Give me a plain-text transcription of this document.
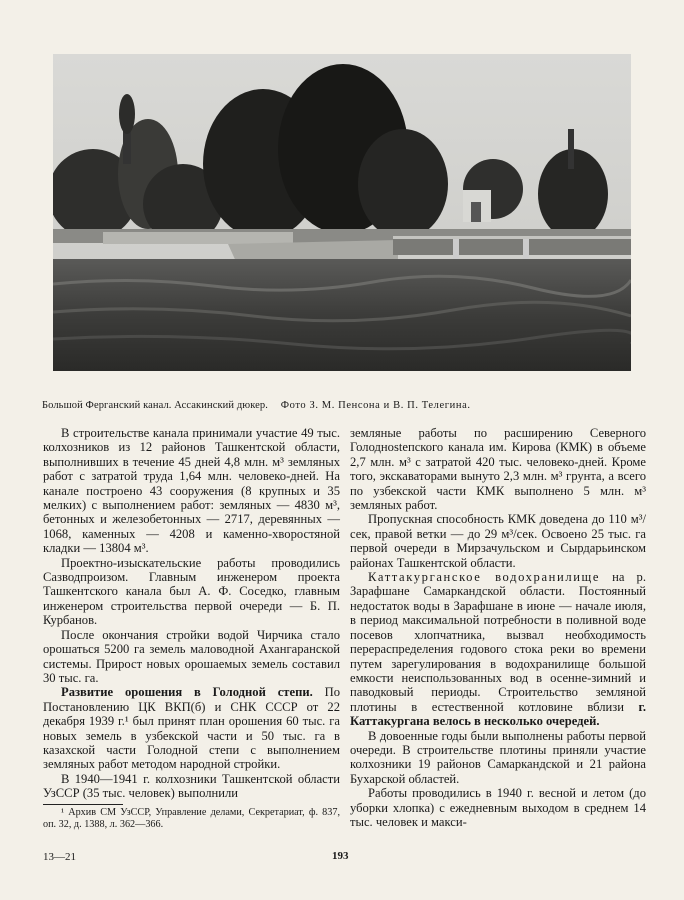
Большой Ферганский канал. Ассакинский дюкер. Фото З. М. Пенсона и В. П. Телегина.

В строительстве канала принимали участие 49 тыс. колхозников из 12 районов Ташкентской области, выполнивших в течение 45 дней 4,8 млн. м³ земляных работ с затратой труда 1,64 млн. человеко-дней. На канале построено 43 сооружения (8 крупных и 35 мелких) с выполнением работ: земляных — 4830 м³, бетонных и железобетонных — 2717, деревянных — 1068, каменных — 4208 и каменно-хворостяной кладки — 13804 м³.

Проектно-изыскательские работы проводились Сазводпроизом. Главным инженером проекта Ташкентского канала был А. Ф. Соседко, главным инженером строительства первой очереди — Б. П. Курбанов.

После окончания стройки водой Чирчика стало орошаться 5200 га земель маловодной Ахангаранской системы. Прирост новых орошаемых земель составил 30 тыс. га.

Развитие орошения в Голодной степи. По Постановлению ЦК ВКП(б) и СНК СССР от 22 декабря 1939 г.¹ был принят план орошения 60 тыс. га новых земель в узбекской части и 50 тыс. га в казахской части Голодной степи с выполнением земляных работ методом народной стройки.

В 1940—1941 г. колхозники Ташкентской области УзССР (35 тыс. человек) выполнили

¹ Архив СМ УзССР, Управление делами, Секретариат, ф. 837, оп. 32, д. 1388, л. 362—366.

земляные работы по расширению Северного Голоднostепского канала им. Кирова (КМК) в объеме 2,7 млн. м³ с затратой 420 тыс. человеко-дней. Кроме того, экскаваторами вынуто 2,3 млн. м³ грунта, а всего по узбекской части КМК выполнено 5 млн. м³ земляных работ.

Пропускная способность КМК доведена до 110 м³/сек, правой ветки — до 29 м³/сек. Освоено 25 тыс. га первой очереди в Мирзачульском и Сырдарьинском районах Ташкентской области.

Каттакурганское водохранилище на р. Зарафшане Самаркандской области. Постоянный недостаток воды в Зарафшане в июне — начале июля, в период максимальной потребности в поливной воде посевов хлопчатника, вызвал необходимость перераспределения годового стока реки во времени путем зарегулирования в водохранилище большой емкости неиспользованных вод в осенне-зимний и паводковый периоды. Строительство земляной плотины в естественной котловине вблизи г. Каттакургана велось в несколько очередей.

В довоенные годы были выполнены работы первой очереди. В строительстве плотины приняли участие колхозники 19 районов Самаркандской и 21 района Бухарской областей.

Работы проводились в 1940 г. весной и летом (до уборки хлопка) с ежедневным выходом в среднем 14 тыс. человек и макси-

13—21	193
